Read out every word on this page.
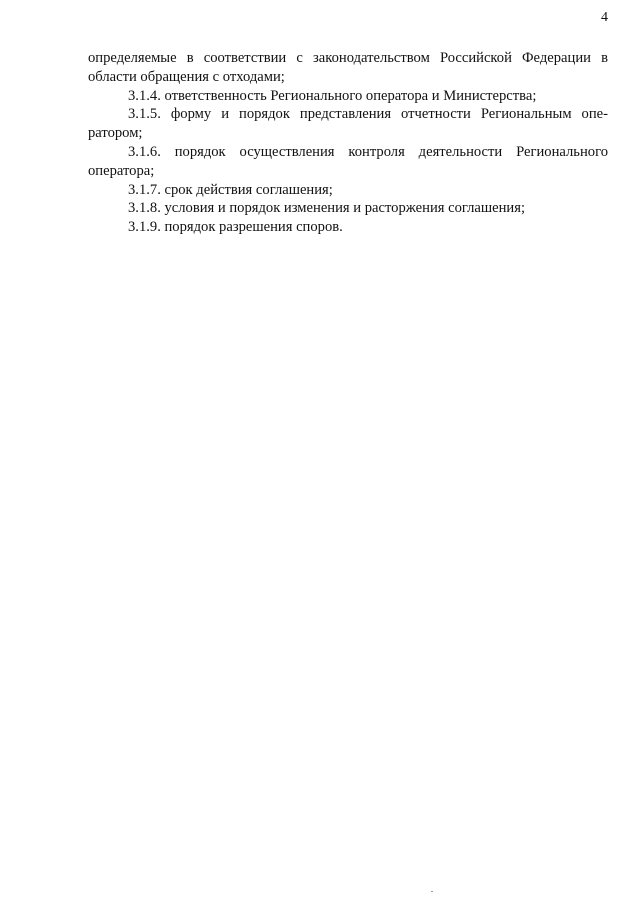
4

определяемые в соответствии с законодательством Российской Федерации в области обращения с отходами;

3.1.4. ответственность Регионального оператора и Министерства;

3.1.5. форму и порядок представления отчетности Региональным опе-ратором;

3.1.6. порядок осуществления контроля деятельности Регионального оператора;

3.1.7. срок действия соглашения;

3.1.8. условия и порядок изменения и расторжения соглашения;

3.1.9. порядок разрешения споров.
